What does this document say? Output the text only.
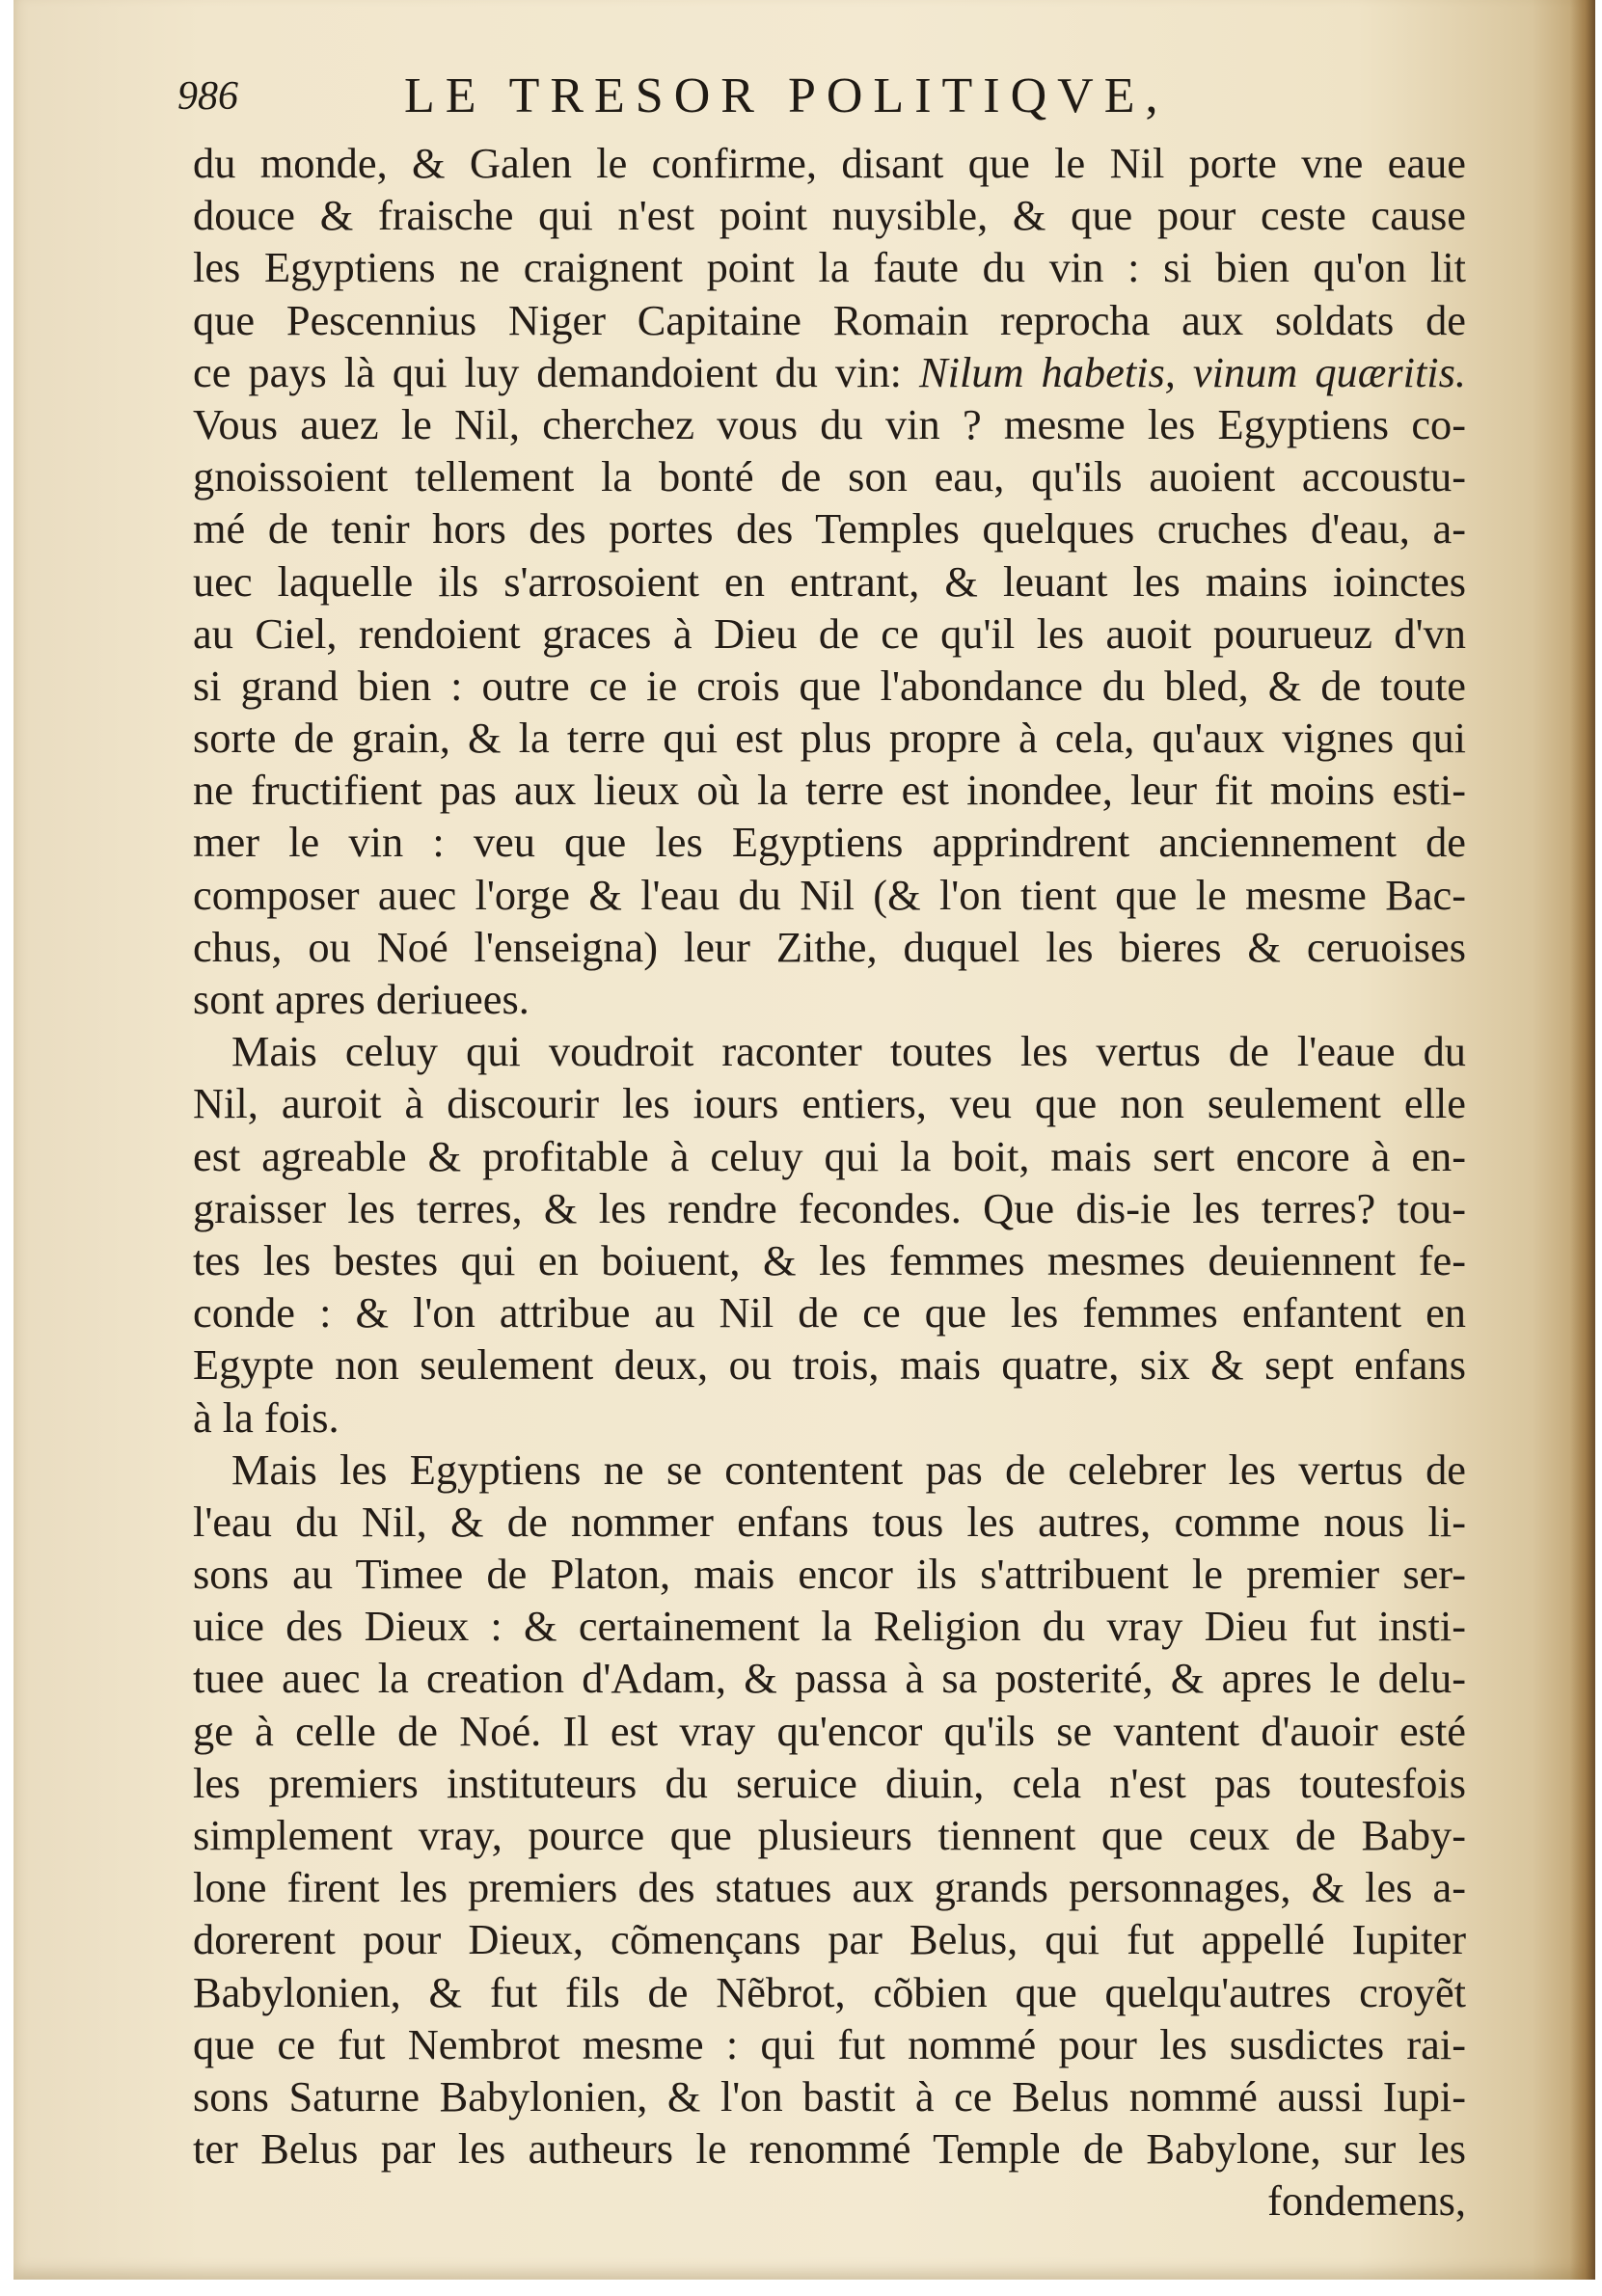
986	LE TRESOR POLITIQVE,
du monde, & Galen le confirme, disant que le Nil porte vne eaue
douce & fraische qui n'est point nuysible, & que pour ceste cause
les Egyptiens ne craignent point la faute du vin : si bien qu'on lit
que Pescennius Niger Capitaine Romain reprocha aux soldats de
ce pays là qui luy demandoient du vin: Nilum habetis, vinum quæritis.
Vous auez le Nil, cherchez vous du vin ? mesme les Egyptiens co-
gnoissoient tellement la bonté de son eau, qu'ils auoient accoustu-
mé de tenir hors des portes des Temples quelques cruches d'eau, a-
uec laquelle ils s'arrosoient en entrant, & leuant les mains ioinctes
au Ciel, rendoient graces à Dieu de ce qu'il les auoit pourueuz d'vn
si grand bien : outre ce ie crois que l'abondance du bled, & de toute
sorte de grain, & la terre qui est plus propre à cela, qu'aux vignes qui
ne fructifient pas aux lieux où la terre est inondee, leur fit moins esti-
mer le vin : veu que les Egyptiens apprindrent anciennement de
composer auec l'orge & l'eau du Nil (& l'on tient que le mesme Bac-
chus, ou Noé l'enseigna) leur Zithe, duquel les bieres & ceruoises
sont apres deriuees.
Mais celuy qui voudroit raconter toutes les vertus de l'eaue du
Nil, auroit à discourir les iours entiers, veu que non seulement elle
est agreable & profitable à celuy qui la boit, mais sert encore à en-
graisser les terres, & les rendre fecondes. Que dis-ie les terres? tou-
tes les bestes qui en boiuent, & les femmes mesmes deuiennent fe-
conde : & l'on attribue au Nil de ce que les femmes enfantent en
Egypte non seulement deux, ou trois, mais quatre, six & sept enfans
à la fois.
Mais les Egyptiens ne se contentent pas de celebrer les vertus de
l'eau du Nil, & de nommer enfans tous les autres, comme nous li-
sons au Timee de Platon, mais encor ils s'attribuent le premier ser-
uice des Dieux : & certainement la Religion du vray Dieu fut insti-
tuee auec la creation d'Adam, & passa à sa posterité, & apres le delu-
ge à celle de Noé. Il est vray qu'encor qu'ils se vantent d'auoir esté
les premiers instituteurs du seruice diuin, cela n'est pas toutesfois
simplement vray, pource que plusieurs tiennent que ceux de Baby-
lone firent les premiers des statues aux grands personnages, & les a-
dorerent pour Dieux, cõmençans par Belus, qui fut appellé Iupiter
Babylonien, & fut fils de Nẽbrot, cõbien que quelqu'autres croyẽt
que ce fut Nembrot mesme : qui fut nommé pour les susdictes rai-
sons Saturne Babylonien, & l'on bastit à ce Belus nommé aussi Iupi-
ter Belus par les autheurs le renommé Temple de Babylone, sur les
fondemens,
